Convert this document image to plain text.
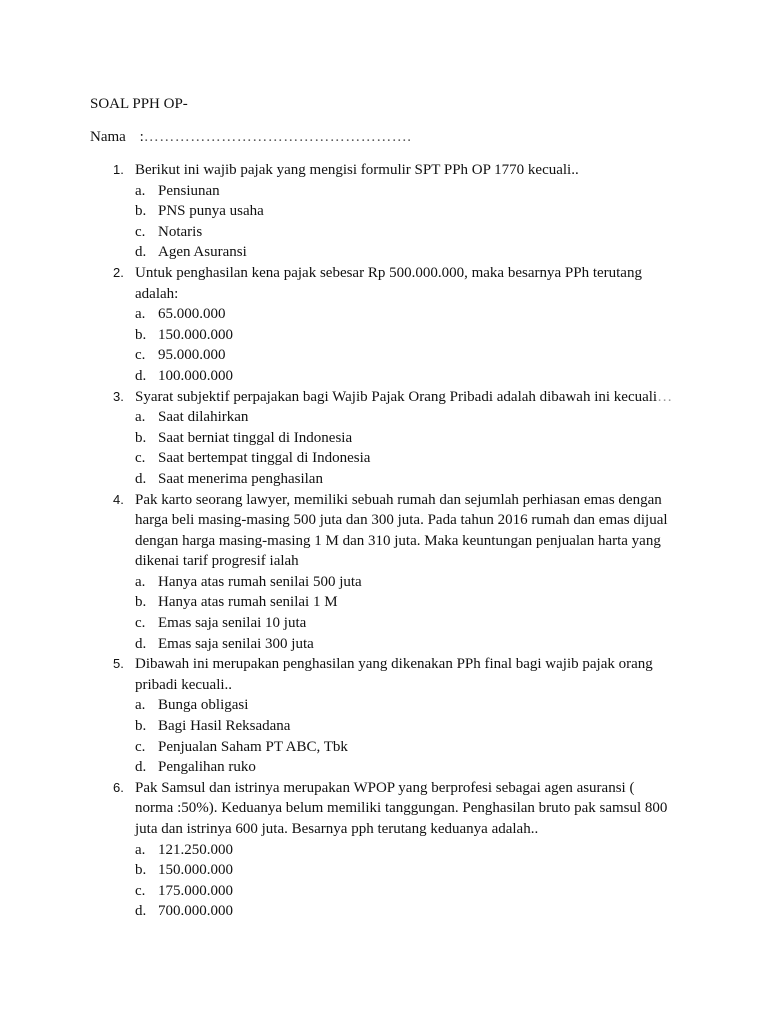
SOAL PPH OP-
Nama :…………………………………………….
1. Berikut ini wajib pajak yang mengisi formulir SPT PPh OP 1770 kecuali..
a. Pensiunan
b. PNS punya usaha
c. Notaris
d. Agen Asuransi
2. Untuk penghasilan kena pajak sebesar Rp 500.000.000, maka besarnya PPh terutang
adalah:
a. 65.000.000
b. 150.000.000
c. 95.000.000
d. 100.000.000
3. Syarat subjektif perpajakan bagi Wajib Pajak Orang Pribadi adalah dibawah ini kecuali…
a. Saat dilahirkan
b. Saat berniat tinggal di Indonesia
c. Saat bertempat tinggal di Indonesia
d. Saat menerima penghasilan
4. Pak karto seorang lawyer, memiliki sebuah rumah dan sejumlah perhiasan emas dengan
harga beli masing-masing 500 juta dan 300 juta. Pada tahun 2016 rumah dan emas dijual
dengan harga masing-masing 1 M dan 310 juta. Maka keuntungan penjualan harta yang
dikenai tarif progresif ialah
a. Hanya atas rumah senilai 500 juta
b. Hanya atas rumah senilai 1 M
c. Emas saja senilai 10 juta
d. Emas saja senilai 300 juta
5. Dibawah ini merupakan penghasilan yang dikenakan PPh final bagi wajib pajak orang
pribadi kecuali..
a. Bunga obligasi
b. Bagi Hasil Reksadana
c. Penjualan Saham PT ABC, Tbk
d. Pengalihan ruko
6. Pak Samsul dan istrinya merupakan WPOP yang berprofesi sebagai agen asuransi (
norma :50%). Keduanya belum memiliki tanggungan. Penghasilan bruto pak samsul 800
juta dan istrinya 600 juta. Besarnya pph terutang keduanya adalah..
a. 121.250.000
b. 150.000.000
c. 175.000.000
d. 700.000.000
